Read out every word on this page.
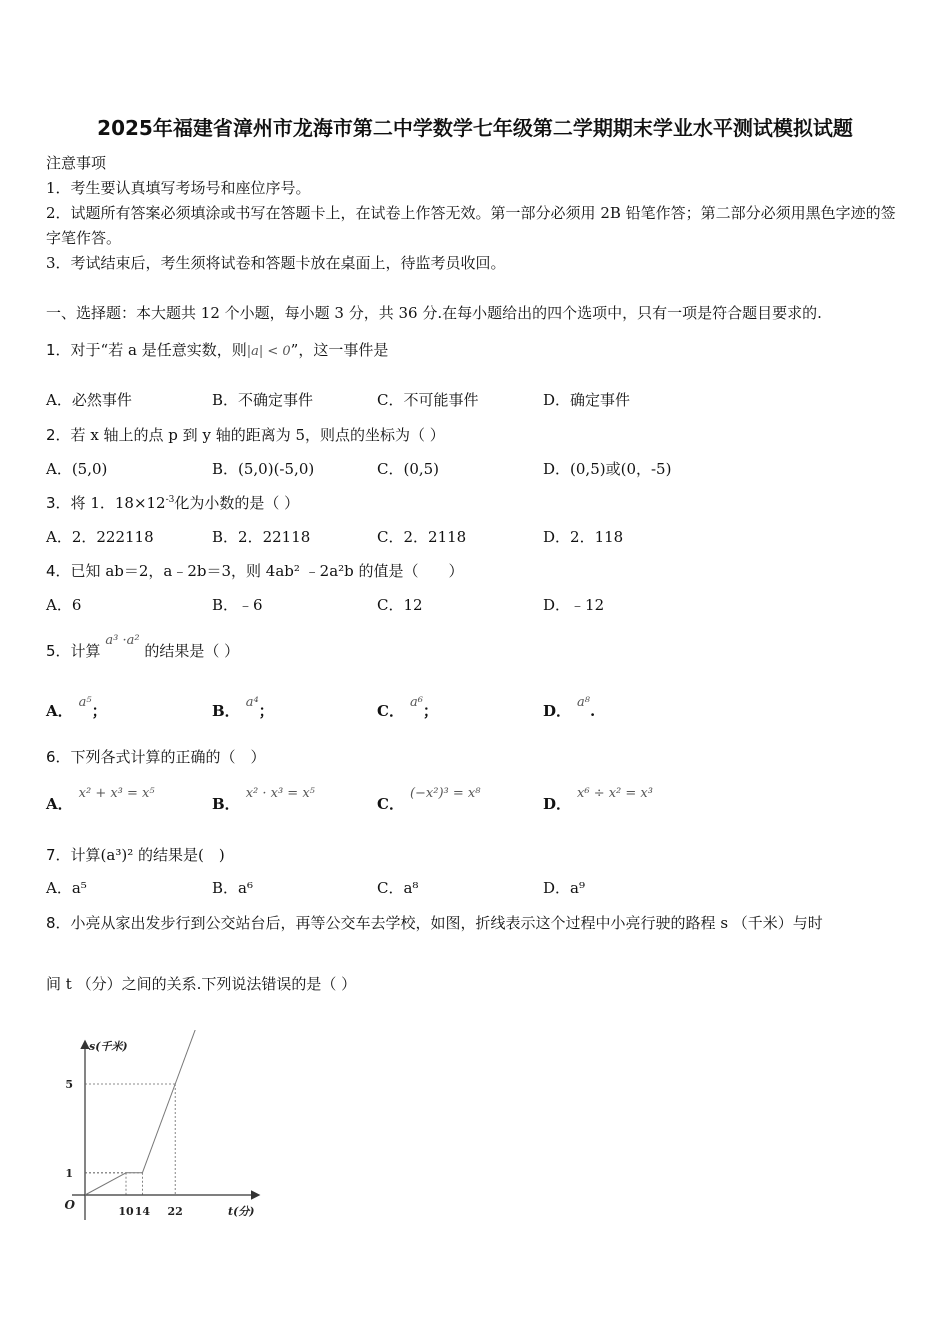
2025年福建省漳州市龙海市第二中学数学七年级第二学期期末学业水平测试模拟试题
注意事项
1．考生要认真填写考场号和座位序号。
2．试题所有答案必须填涂或书写在答题卡上，在试卷上作答无效。第一部分必须用 2B 铅笔作答；第二部分必须用黑色字迹的签字笔作答。
3．考试结束后，考生须将试卷和答题卡放在桌面上，待监考员收回。
一、选择题：本大题共 12 个小题，每小题 3 分，共 36 分.在每小题给出的四个选项中，只有一项是符合题目要求的.
1．对于“若 a 是任意实数，则|a| < 0”，这一事件是
A．必然事件	B．不确定事件	C．不可能事件	D．确定事件
2．若 x 轴上的点 p 到 y 轴的距离为 5，则点的坐标为（ ）
A．(5,0)	B．(5,0)(-5,0)	C．(0,5)	D．(0,5)或(0，-5)
3．将 1．$18\times 12^{-3}$化为小数的是（ ）
A．2．222118	B．2．22118	C．2．2118	D．2．118
4．已知 ab＝2，a﹣2b＝3，则 4ab² ﹣2a²b 的值是（　　）
A．6	B．﹣6	C．12	D．﹣12
5．计算 a³ ·a² 的结果是（ ）
A． a⁵；	B． a⁴；	C． a⁶；	D． a⁸.
6．下列各式计算的正确的（　）
A．x² + x³ = x⁵
B．x² · x³ = x⁵
C．(−x²)³ = x⁸
D．x⁶ ÷ x² = x³
7．计算(a³)² 的结果是(　)
A．a⁵	B．a⁶	C．a⁸	D．a⁹
8．小亮从家出发步行到公交站台后，再等公交车去学校，如图，折线表示这个过程中小亮行驶的路程 s （千米）与时
间 t （分）之间的关系.下列说法错误的是（ ）
10 14 22
1
5
O
s(千米)
t(分)
